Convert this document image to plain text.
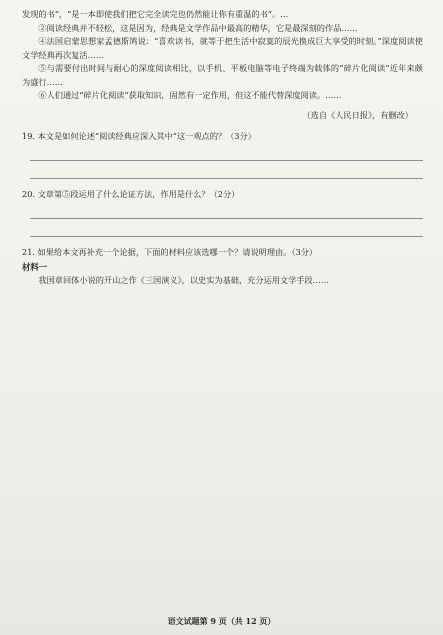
发现的书”，“是一本即使我们把它完全读完也仍然能让你有重温的书”。…

②阅读经典并不轻松，这是因为，经典是文学作品中最高的精华，它是最深刻的作品……

④法国启蒙思想家孟德斯鸠说：“喜欢读书，就等于把生活中寂寞的辰光换成巨大享受的时刻。”深度阅读使文学经典再次复活……

⑤与需要付出时间与耐心的深度阅读相比，以手机、平板电脑等电子终端为载体的“碎片化阅读”近年来颇为盛行……

⑥人们通过“碎片化阅读”获取知识，固然有一定作用，但这不能代替深度阅读。……

（选自《人民日报》，有删改）

19. 本文是如何论述“阅读经典应深入其中”这一观点的？（3分）

20. 文章第⑤段运用了什么论证方法，作用是什么？（2分）

21. 如果给本文再补充一个论据，下面的材料应该选哪一个？请说明理由。（3分）

材料一

我国章回体小说的开山之作《三国演义》，以史实为基础，充分运用文学手段……

语文试题第 9 页（共 12 页）
